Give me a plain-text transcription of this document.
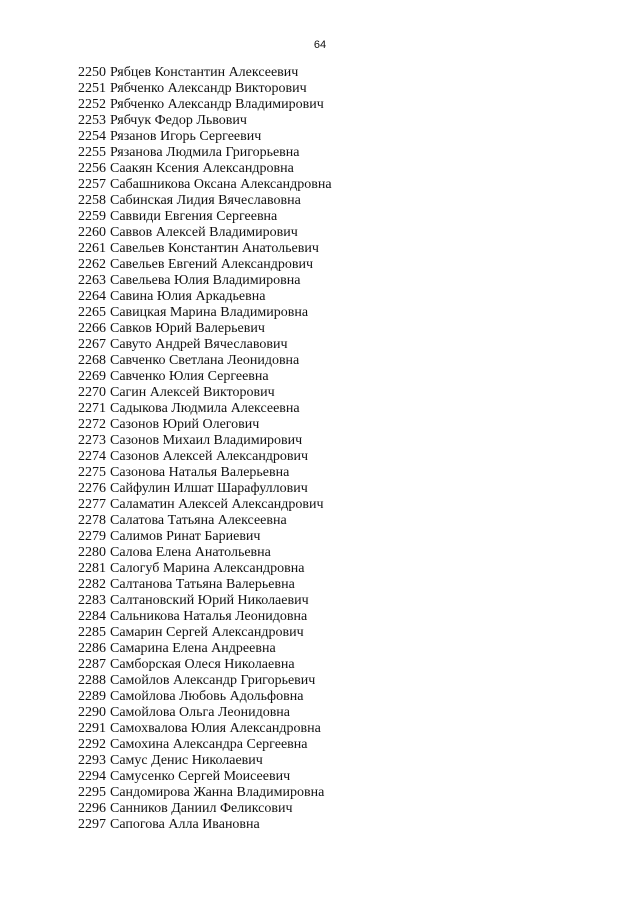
64
2250 Рябцев Константин Алексеевич
2251 Рябченко Александр Викторович
2252 Рябченко Александр Владимирович
2253 Рябчук Федор Львович
2254 Рязанов Игорь Сергеевич
2255 Рязанова Людмила Григорьевна
2256 Саакян Ксения Александровна
2257 Сабашникова Оксана Александровна
2258 Сабинская Лидия Вячеславовна
2259 Саввиди Евгения Сергеевна
2260 Саввов Алексей Владимирович
2261 Савельев Константин Анатольевич
2262 Савельев Евгений Александрович
2263 Савельева Юлия Владимировна
2264 Савина Юлия Аркадьевна
2265 Савицкая Марина Владимировна
2266 Савков Юрий Валерьевич
2267 Савуто Андрей Вячеславович
2268 Савченко Светлана Леонидовна
2269 Савченко Юлия Сергеевна
2270 Сагин Алексей Викторович
2271 Садыкова Людмила Алексеевна
2272 Сазонов Юрий Олегович
2273 Сазонов Михаил Владимирович
2274 Сазонов Алексей Александрович
2275 Сазонова Наталья Валерьевна
2276 Сайфулин Илшат Шарафуллович
2277 Саламатин Алексей Александрович
2278 Салатова Татьяна Алексеевна
2279 Салимов Ринат Бариевич
2280 Салова Елена Анатольевна
2281 Салогуб Марина Александровна
2282 Салтанова Татьяна Валерьевна
2283 Салтановский Юрий Николаевич
2284 Сальникова Наталья Леонидовна
2285 Самарин Сергей Александрович
2286 Самарина Елена Андреевна
2287 Самборская Олеся Николаевна
2288 Самойлов Александр Григорьевич
2289 Самойлова Любовь Адольфовна
2290 Самойлова Ольга Леонидовна
2291 Самохвалова Юлия Александровна
2292 Самохина Александра Сергеевна
2293 Самус Денис Николаевич
2294 Самусенко Сергей Моисеевич
2295 Сандомирова Жанна Владимировна
2296 Санников Даниил Феликсович
2297 Сапогова Алла Ивановна
